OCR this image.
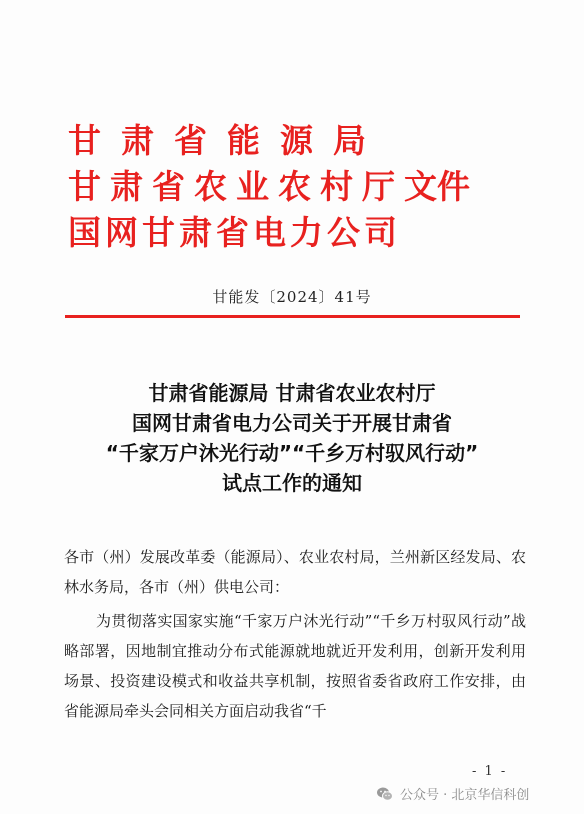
甘肃省能源局
甘肃省农业农村厅 文件
国网甘肃省电力公司
甘能发〔2024〕41号
甘肃省能源局 甘肃省农业农村厅
国网甘肃省电力公司关于开展甘肃省
“千家万户沐光行动”“千乡万村驭风行动”
试点工作的通知

各市（州）发展改革委（能源局）、农业农村局，兰州新区经发局、农林水务局，各市（州）供电公司：

为贯彻落实国家实施“千家万户沐光行动”“千乡万村驭风行动”战略部署，因地制宜推动分布式能源就地就近开发利用，创新开发利用场景、投资建设模式和收益共享机制，按照省委省政府工作安排，由省能源局牵头会同相关方面启动我省“千

- 1 -
公众号 · 北京华信科创
